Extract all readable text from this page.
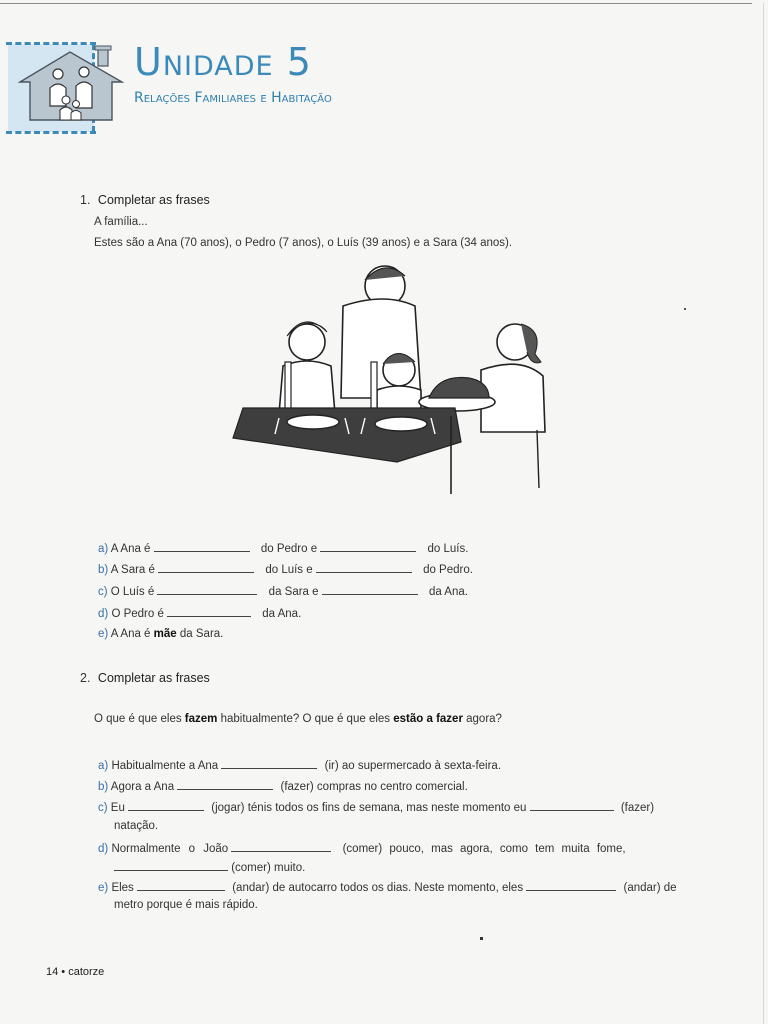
Unidade 5
Relações Familiares e Habitação
1. Completar as frases
A família...
Estes são a Ana (70 anos), o Pedro (7 anos), o Luís (39 anos) e a Sara (34 anos).
a) A Ana é	do Pedro e	do Luís.
b) A Sara é	do Luís e	do Pedro.
c) O Luís é	da Sara e	da Ana.
d) O Pedro é	da Ana.
e) A Ana é mãe da Sara.
2. Completar as frases
O que é que eles fazem habitualmente? O que é que eles estão a fazer agora?
a) Habitualmente a Ana	(ir) ao supermercado à sexta-feira.
b) Agora a Ana	(fazer) compras no centro comercial.
c) Eu	(jogar) ténis todos os fins de semana, mas neste momento eu	(fazer)
natação.
d) Normalmente o João	(comer) pouco, mas agora, como tem muita fome,
(comer) muito.
e) Eles	(andar) de autocarro todos os dias. Neste momento, eles	(andar) de
metro porque é mais rápido.
14 • catorze
